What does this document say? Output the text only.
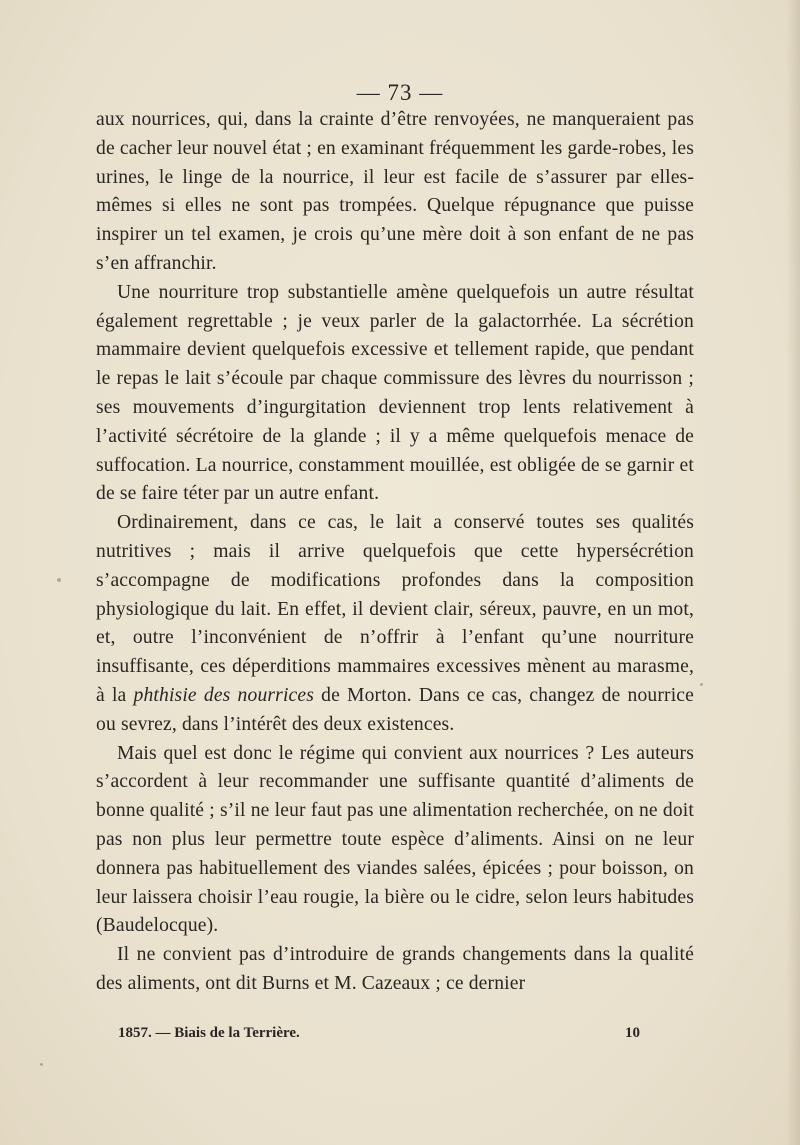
— 73 —

aux nourrices, qui, dans la crainte d’être renvoyées, ne manqueraient pas de cacher leur nouvel état ; en examinant fréquemment les garde-robes, les urines, le linge de la nourrice, il leur est facile de s’assurer par elles-mêmes si elles ne sont pas trompées. Quelque répugnance que puisse inspirer un tel examen, je crois qu’une mère doit à son enfant de ne pas s’en affranchir.

Une nourriture trop substantielle amène quelquefois un autre résultat également regrettable ; je veux parler de la galactorrhée. La sécrétion mammaire devient quelquefois excessive et tellement rapide, que pendant le repas le lait s’écoule par chaque commissure des lèvres du nourrisson ; ses mouvements d’ingurgitation deviennent trop lents relativement à l’activité sécrétoire de la glande ; il y a même quelquefois menace de suffocation. La nourrice, constamment mouillée, est obligée de se garnir et de se faire téter par un autre enfant.

Ordinairement, dans ce cas, le lait a conservé toutes ses qualités nutritives ; mais il arrive quelquefois que cette hypersécrétion s’accompagne de modifications profondes dans la composition physiologique du lait. En effet, il devient clair, séreux, pauvre, en un mot, et, outre l’inconvénient de n’offrir à l’enfant qu’une nourriture insuffisante, ces déperditions mammaires excessives mènent au marasme, à la phthisie des nourrices de Morton. Dans ce cas, changez de nourrice ou sevrez, dans l’intérêt des deux existences.

Mais quel est donc le régime qui convient aux nourrices ? Les auteurs s’accordent à leur recommander une suffisante quantité d’aliments de bonne qualité ; s’il ne leur faut pas une alimentation recherchée, on ne doit pas non plus leur permettre toute espèce d’aliments. Ainsi on ne leur donnera pas habituellement des viandes salées, épicées ; pour boisson, on leur laissera choisir l’eau rougie, la bière ou le cidre, selon leurs habitudes (Baudelocque).

Il ne convient pas d’introduire de grands changements dans la qualité des aliments, ont dit Burns et M. Cazeaux ; ce dernier

1857. — Biais de la Terrière.	10
